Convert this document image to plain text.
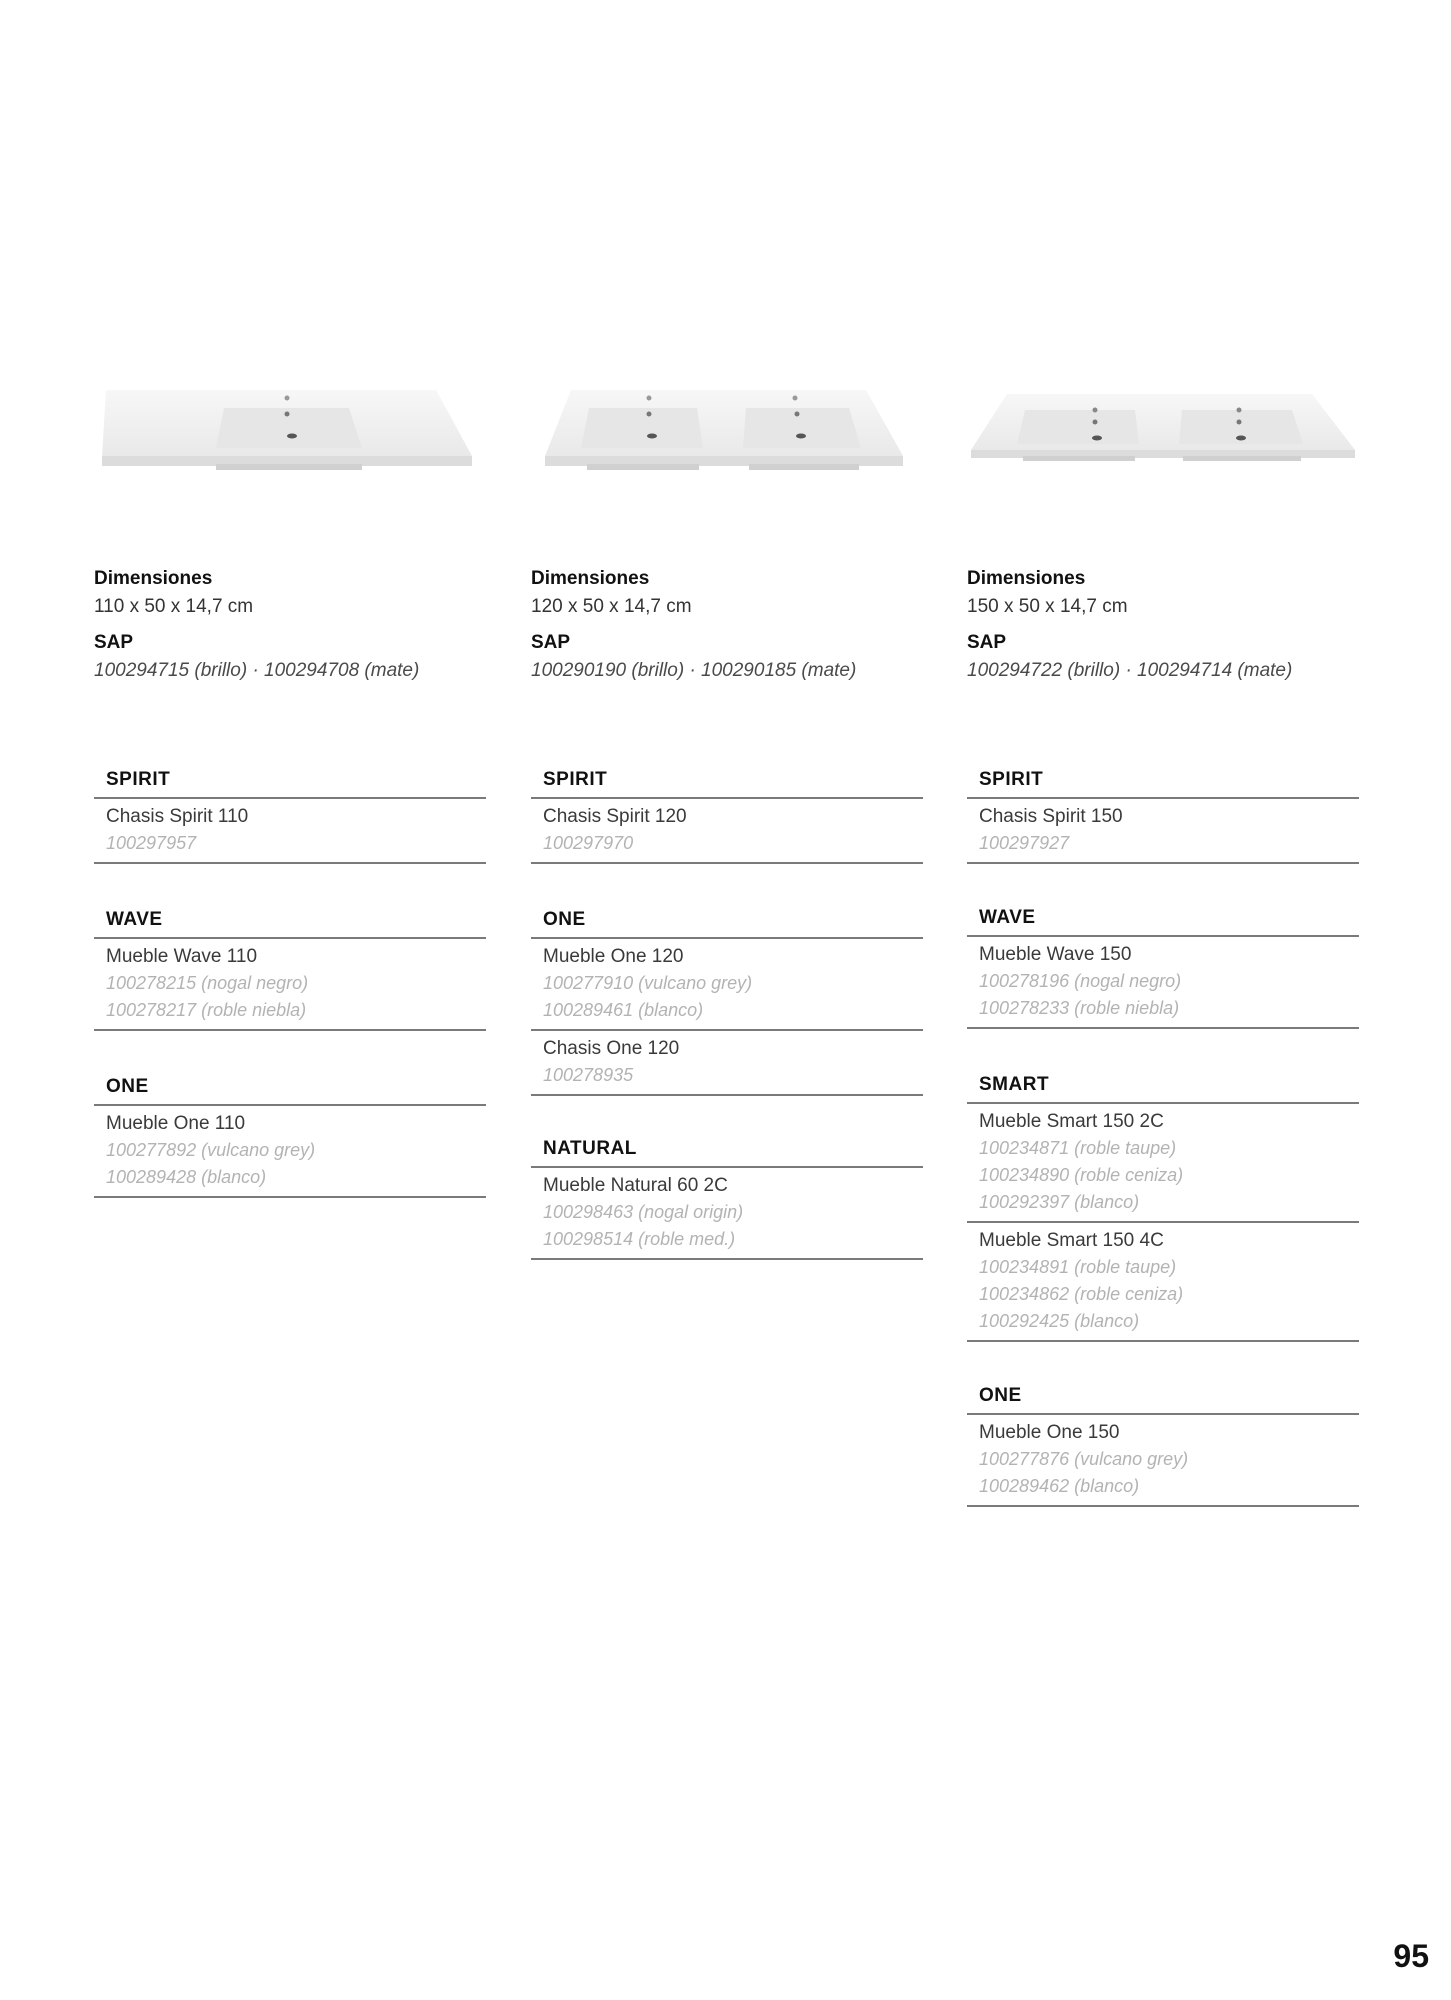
Dimensiones
110 x 50 x 14,7 cm
SAP
100294715 (brillo) · 100294708 (mate)
SPIRIT
Chasis Spirit 110
100297957
WAVE
Mueble Wave 110
100278215 (nogal negro)
100278217 (roble niebla)
ONE
Mueble One 110
100277892 (vulcano grey)
100289428 (blanco)
Dimensiones
120 x 50 x 14,7 cm
SAP
100290190 (brillo) · 100290185 (mate)
SPIRIT
Chasis Spirit 120
100297970
ONE
Mueble One 120
100277910 (vulcano grey)
100289461 (blanco)
Chasis One 120
100278935
NATURAL
Mueble Natural 60 2C
100298463 (nogal origin)
100298514 (roble med.)
Dimensiones
150 x 50 x 14,7 cm
SAP
100294722 (brillo) · 100294714 (mate)
SPIRIT
Chasis Spirit 150
100297927
WAVE
Mueble Wave 150
100278196 (nogal negro)
100278233 (roble niebla)
SMART
Mueble Smart 150 2C
100234871 (roble taupe)
100234890 (roble ceniza)
100292397 (blanco)
Mueble Smart 150 4C
100234891 (roble taupe)
100234862 (roble ceniza)
100292425 (blanco)
ONE
Mueble One 150
100277876 (vulcano grey)
100289462 (blanco)
95
